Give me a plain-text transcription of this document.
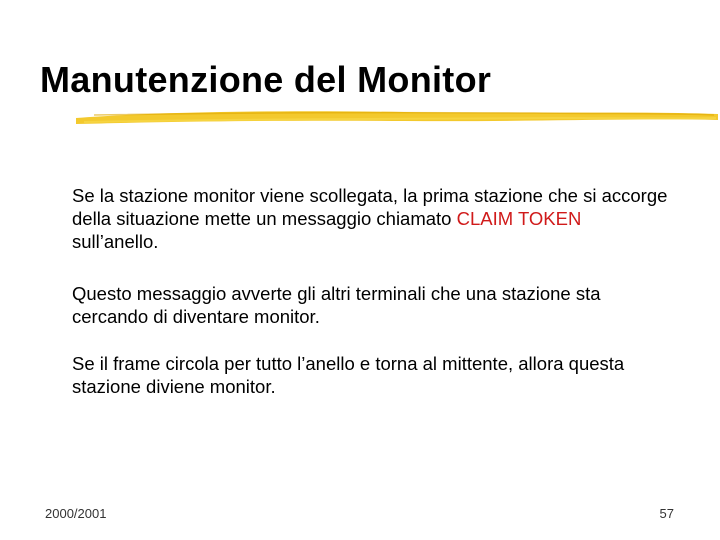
Manutenzione del Monitor

Se la stazione monitor viene scollegata, la prima stazione che si accorge della situazione mette un messaggio chiamato CLAIM TOKEN sull’anello.

Questo messaggio avverte gli altri terminali che una stazione sta cercando di diventare monitor.

Se il frame circola per tutto l’anello e torna al mittente, allora questa stazione diviene monitor.

2000/2001	57
